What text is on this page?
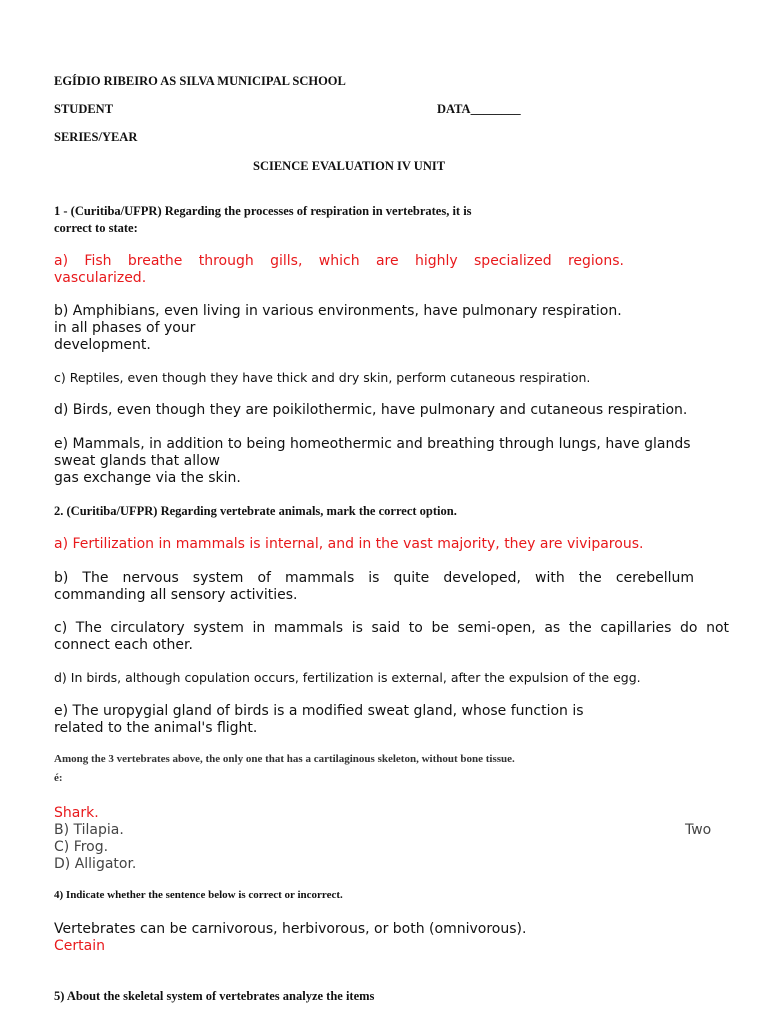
EGÍDIO RIBEIRO AS SILVA MUNICIPAL SCHOOL

STUDENT	DATA________

SERIES/YEAR

SCIENCE EVALUATION IV UNIT

1 - (Curitiba/UFPR) Regarding the processes of respiration in vertebrates, it is

correct to state:

a) Fish breathe through gills, which are highly specialized regions.

vascularized.

b) Amphibians, even living in various environments, have pulmonary respiration.

in all phases of your

development.

c) Reptiles, even though they have thick and dry skin, perform cutaneous respiration.

d) Birds, even though they are poikilothermic, have pulmonary and cutaneous respiration.

e) Mammals, in addition to being homeothermic and breathing through lungs, have glands

sweat glands that allow

gas exchange via the skin.

2. (Curitiba/UFPR) Regarding vertebrate animals, mark the correct option.

a) Fertilization in mammals is internal, and in the vast majority, they are viviparous.

b) The nervous system of mammals is quite developed, with the cerebellum

commanding all sensory activities.

c) The circulatory system in mammals is said to be semi-open, as the capillaries do not

connect each other.

d) In birds, although copulation occurs, fertilization is external, after the expulsion of the egg.

e) The uropygial gland of birds is a modified sweat gland, whose function is

related to the animal's flight.

Among the 3 vertebrates above, the only one that has a cartilaginous skeleton, without bone tissue.

é:

Shark.

B) Tilapia.	Two

C) Frog.

D) Alligator.

4) Indicate whether the sentence below is correct or incorrect.

Vertebrates can be carnivorous, herbivorous, or both (omnivorous).

Certain

5) About the skeletal system of vertebrates analyze the items
